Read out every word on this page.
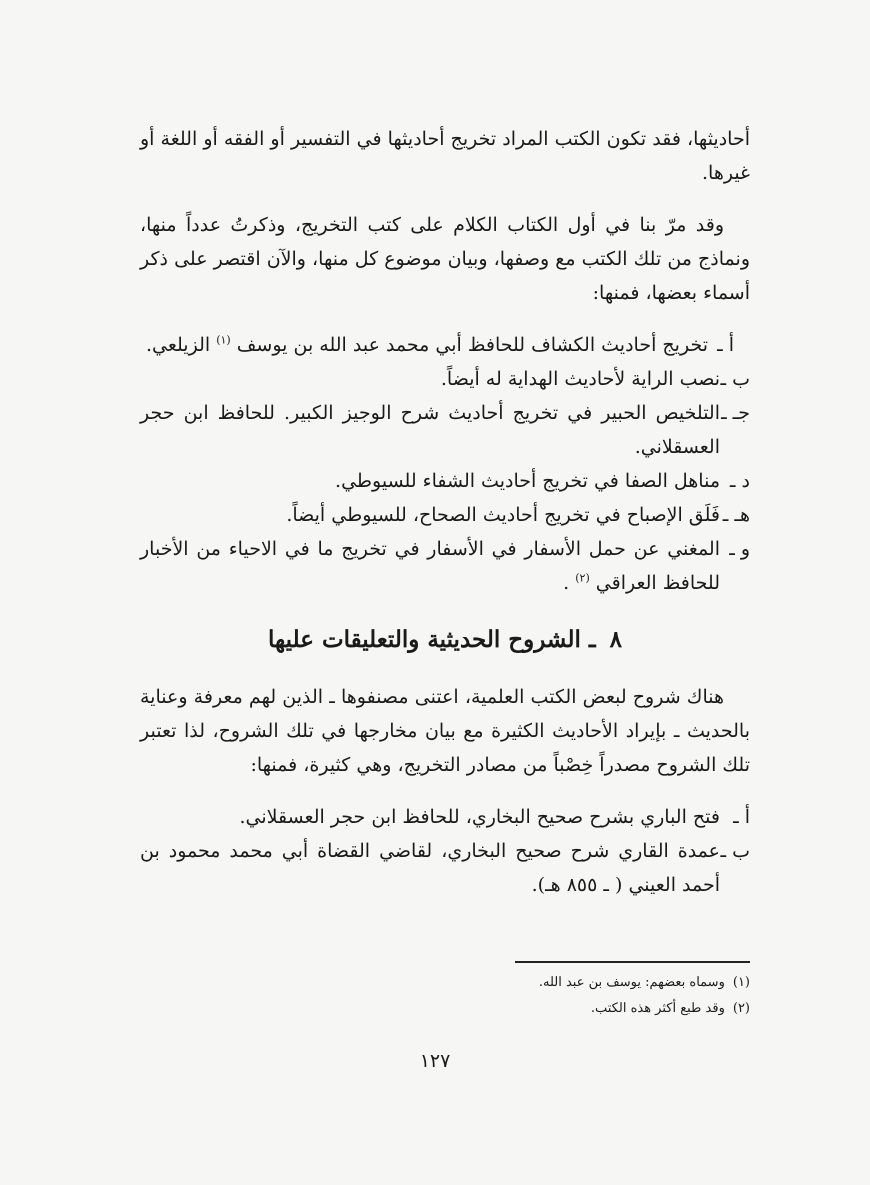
أحاديثها، فقد تكون الكتب المراد تخريج أحاديثها في التفسير أو الفقه أو اللغة أو غيرها.

وقد مرّ بنا في أول الكتاب الكلام على كتب التخريج، وذكرتُ عدداً منها، ونماذج من تلك الكتب مع وصفها، وبيان موضوع كل منها، والآن اقتصر على ذكر أسماء بعضها، فمنها:

أ ـ
تخريج أحاديث الكشاف للحافظ أبي محمد عبد الله بن يوسف $^{(١)}$ الزيلعي.
ب ـ
نصب الراية لأحاديث الهداية له أيضاً.
جـ ـ
التلخيص الحبير في تخريج أحاديث شرح الوجيز الكبير. للحافظ ابن حجر العسقلاني.
د ـ
مناهل الصفا في تخريج أحاديث الشفاء للسيوطي.
هـ ـ
فَلَق الإصباح في تخريج أحاديث الصحاح، للسيوطي أيضاً.
و ـ
المغني عن حمل الأسفار في الأسفار في تخريج ما في الاحياء من الأخبار للحافظ العراقي $^{(٢)}$ .
٨ـ الشروح الحديثية والتعليقات عليها

هناك شروح لبعض الكتب العلمية، اعتنى مصنفوها ـ الذين لهم معرفة وعناية بالحديث ـ بإيراد الأحاديث الكثيرة مع بيان مخارجها في تلك الشروح، لذا تعتبر تلك الشروح مصدراً خِصْباً من مصادر التخريج، وهي كثيرة، فمنها:

أ ـ
فتح الباري بشرح صحيح البخاري، للحافظ ابن حجر العسقلاني.
ب ـ
عمدة القاري شرح صحيح البخاري، لقاضي القضاة أبي محمد محمود بن أحمد العيني ( ـ ٨٥٥ هـ).
(١)وسماه بعضهم: يوسف بن عبد الله.
(٢)وقد طبع أكثر هذه الكتب.
١٢٧
